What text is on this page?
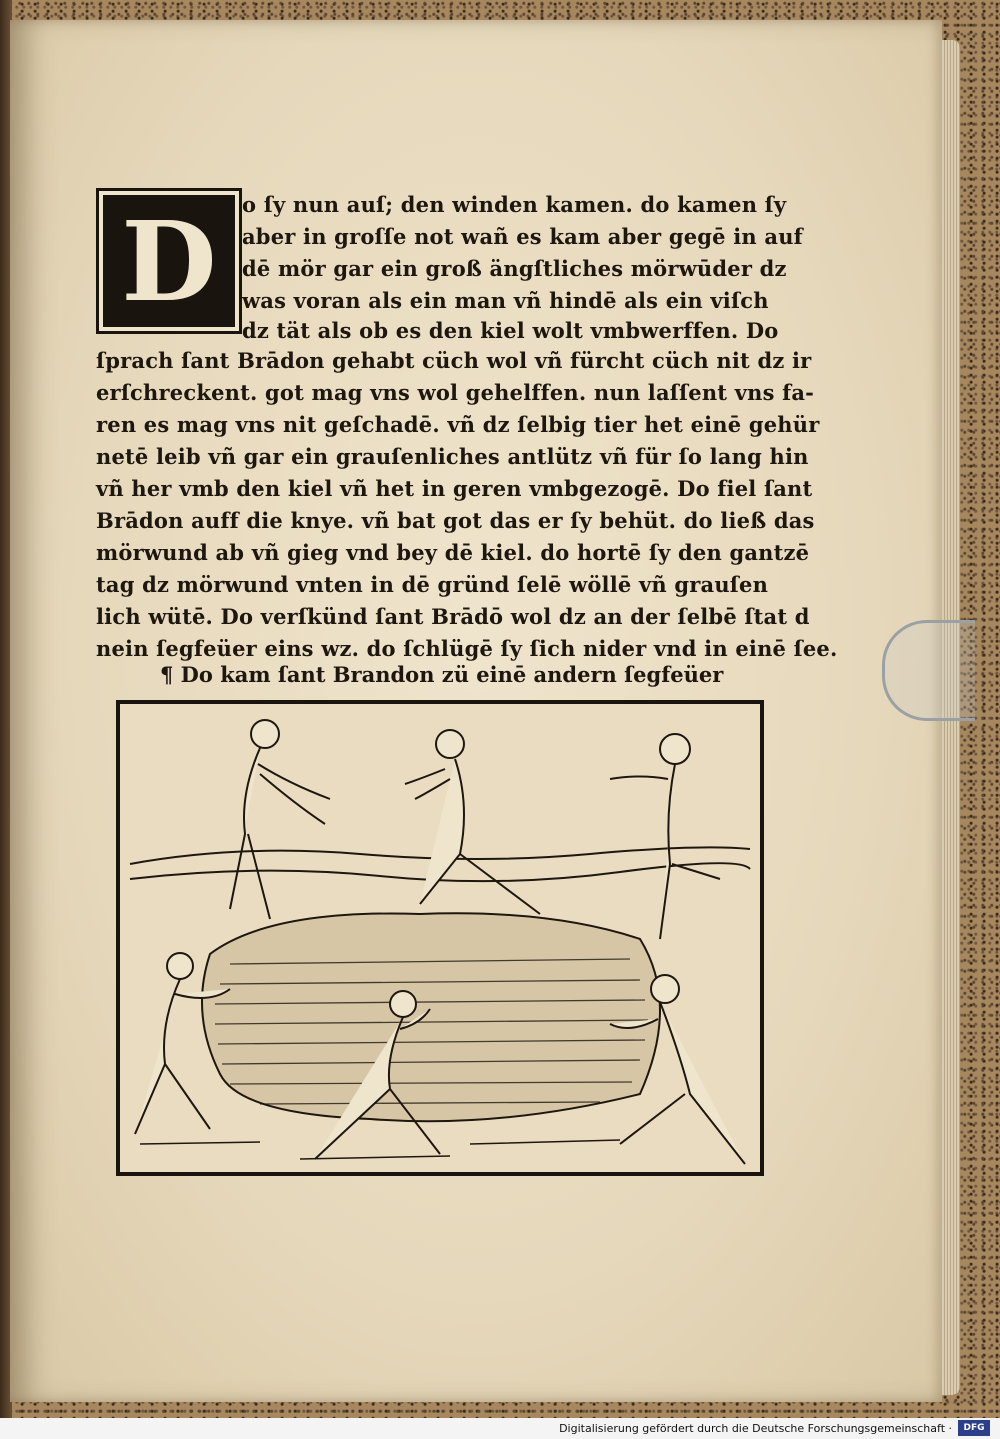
D	o ſy nun auſ; den winden kamen. do kamen ſy
aber in groſſe not wañ es kam aber gegē in auf
dē mör gar ein groß ängſtliches mörwūder dz
was voran als ein man vñ hindē als ein viſch
dz tät als ob es den kiel wolt vmbwerffen. Do
ſprach ſant Brādon gehabt cüch wol vñ fürcht cüch nit dz ir
erſchreckent. got mag vns wol gehelffen. nun laſſent vns fa-
ren es mag vns nit geſchadē. vñ dz ſelbig tier het einē gehür
netē leib vñ gar ein grauſenliches antlütz vñ für ſo lang hin
vñ her vmb den kiel vñ het in geren vmbgezogē. Do fiel ſant
Brādon auff die knye. vñ bat got das er ſy behüt. do ließ das
mörwund ab vñ gieg vnd bey dē kiel. do hortē ſy den gantzē
tag dz mörwund vnten in dē gründ ſelē wöllē vñ grauſen
lich wütē. Do verſkünd ſant Brādō wol dz an der ſelbē ſtat d
nein ſegfeüer eins wz. do ſchlügē ſy ſich nider vnd in einē ſee.
¶ Do kam ſant Brandon zü einē andern ſegfeüer
Digitalisierung gefördert durch die Deutsche Forschungsgemeinschaft ·	DFG
